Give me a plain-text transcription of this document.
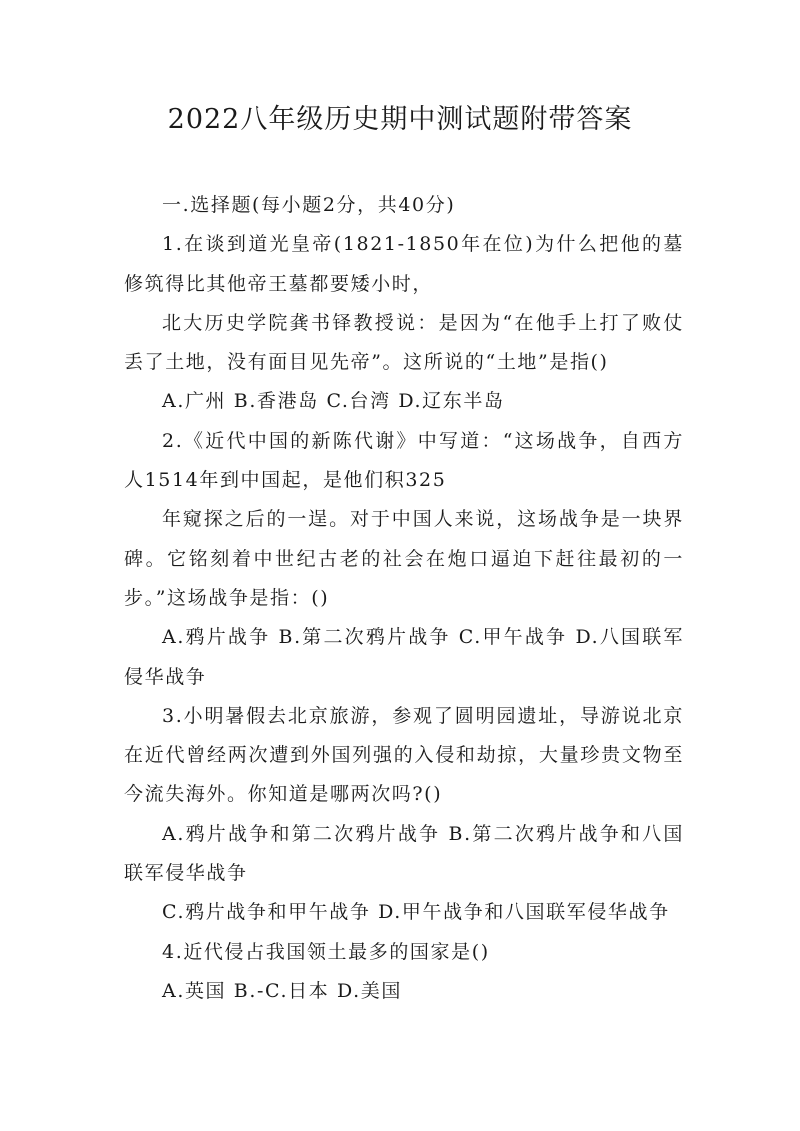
2022八年级历史期中测试题附带答案

一.选择题(每小题2分，共40分)

1.在谈到道光皇帝(1821-1850年在位)为什么把他的墓修筑得比其他帝王墓都要矮小时，

北大历史学院龚书铎教授说：是因为“在他手上打了败仗丢了土地，没有面目见先帝”。这所说的“土地”是指()

A.广州 B.香港岛 C.台湾 D.辽东半岛

2.《近代中国的新陈代谢》中写道：“这场战争，自西方人1514年到中国起，是他们积325

年窥探之后的一逞。对于中国人来说，这场战争是一块界碑。它铭刻着中世纪古老的社会在炮口逼迫下赶往最初的一步。”这场战争是指：()

A.鸦片战争 B.第二次鸦片战争 C.甲午战争 D.八国联军侵华战争

3.小明暑假去北京旅游，参观了圆明园遗址，导游说北京在近代曾经两次遭到外国列强的入侵和劫掠，大量珍贵文物至今流失海外。你知道是哪两次吗?()

A.鸦片战争和第二次鸦片战争 B.第二次鸦片战争和八国联军侵华战争

C.鸦片战争和甲午战争 D.甲午战争和八国联军侵华战争

4.近代侵占我国领土最多的国家是()

A.英国 B.-C.日本 D.美国
